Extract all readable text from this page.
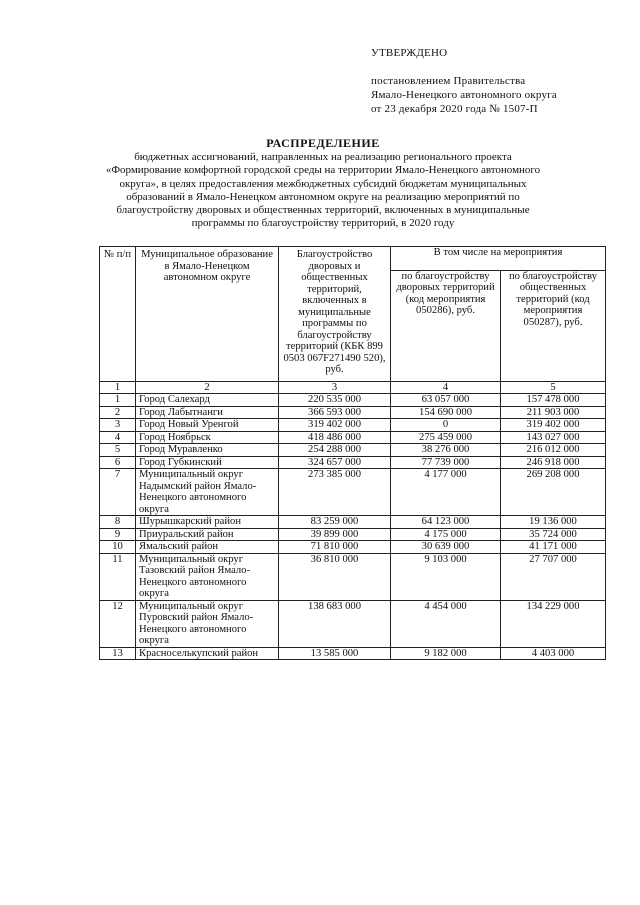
УТВЕРЖДЕНО
постановлением Правительства
Ямало-Ненецкого автономного округа
от 23 декабря 2020 года № 1507-П
РАСПРЕДЕЛЕНИЕ
бюджетных ассигнований, направленных на реализацию регионального проекта
«Формирование комфортной городской среды на территории Ямало-Ненецкого автономного
округа», в целях предоставления межбюджетных субсидий бюджетам муниципальных
образований в Ямало-Ненецком автономном округе на реализацию мероприятий по
благоустройству дворовых и общественных территорий, включенных в муниципальные
программы по благоустройству территорий, в 2020 году
№ п/п	Муниципальное образование в Ямало-Ненецком автономном округе	Благоустройство дворовых и общественных территорий, включенных в муниципальные программы по благоустройству территорий (КБК 899 0503 067F271490 520), руб.	В том числе на мероприятия	
			по благоустройству дворовых территорий (код мероприятия 050286), руб.	по благоустройству общественных территорий (код мероприятия 050287), руб.
1	2	3	4	5
1	Город Салехард	220 535 000	63 057 000	157 478 000
2	Город Лабытнанги	366 593 000	154 690 000	211 903 000
3	Город Новый Уренгой	319 402 000	0	319 402 000
4	Город Ноябрьск	418 486 000	275 459 000	143 027 000
5	Город Муравленко	254 288 000	38 276 000	216 012 000
6	Город Губкинский	324 657 000	77 739 000	246 918 000
7	Муниципальный округ Надымский район Ямало-Ненецкого автономного округа	273 385 000	4 177 000	269 208 000
8	Шурышкарский район	83 259 000	64 123 000	19 136 000
9	Приуральский район	39 899 000	4 175 000	35 724 000
10	Ямальский район	71 810 000	30 639 000	41 171 000
11	Муниципальный округ Тазовский район Ямало-Ненецкого автономного округа	36 810 000	9 103 000	27 707 000
12	Муниципальный округ Пуровский район Ямало-Ненецкого автономного округа	138 683 000	4 454 000	134 229 000
13	Красноселькупский район	13 585 000	9 182 000	4 403 000
